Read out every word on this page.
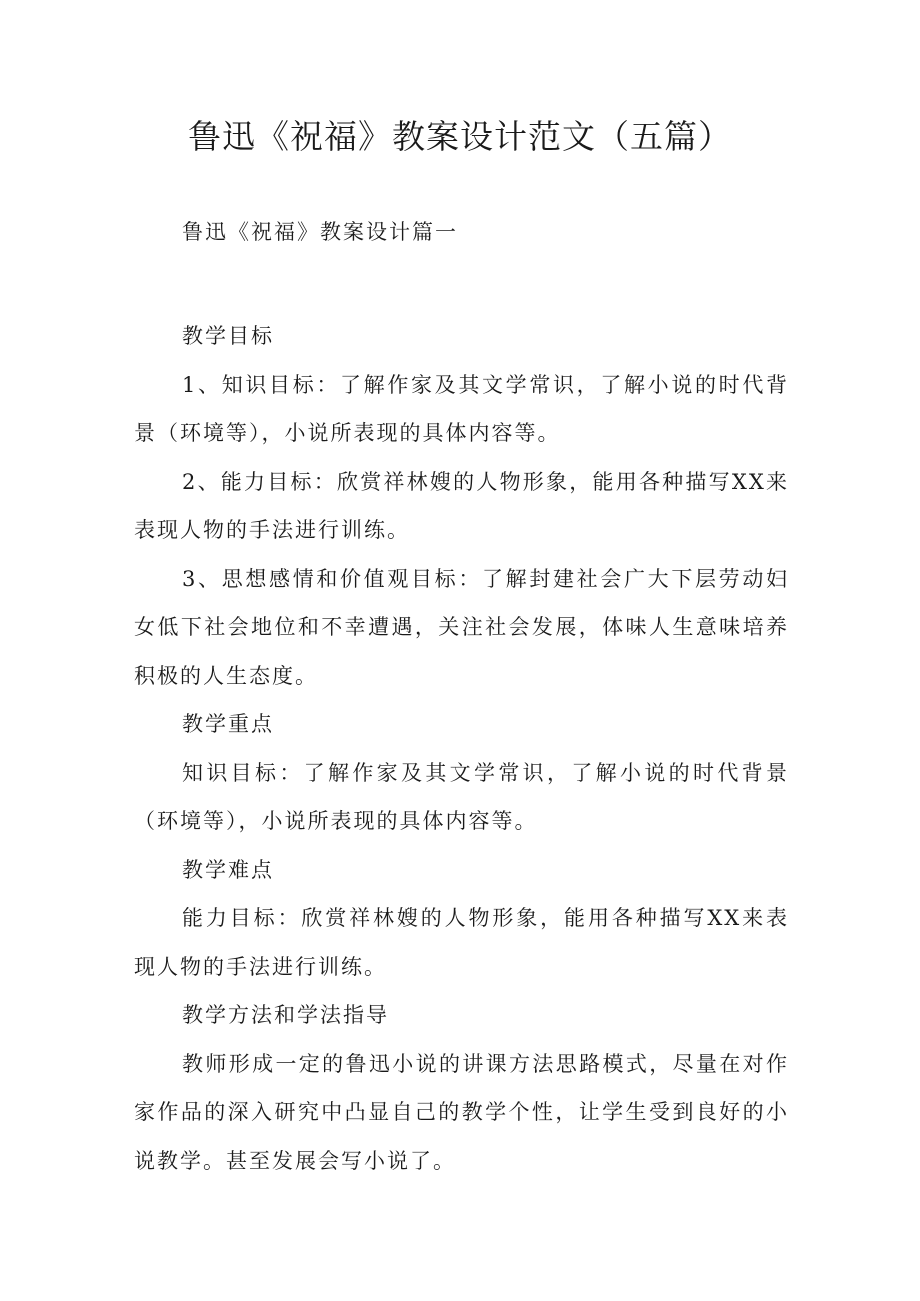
鲁迅《祝福》教案设计范文（五篇）

鲁迅《祝福》教案设计篇一

教学目标

1、知识目标：了解作家及其文学常识，了解小说的时代背景（环境等），小说所表现的具体内容等。

2、能力目标：欣赏祥林嫂的人物形象，能用各种描写XX来表现人物的手法进行训练。

3、思想感情和价值观目标：了解封建社会广大下层劳动妇女低下社会地位和不幸遭遇，关注社会发展，体味人生意味培养积极的人生态度。

教学重点

知识目标：了解作家及其文学常识，了解小说的时代背景（环境等），小说所表现的具体内容等。

教学难点

能力目标：欣赏祥林嫂的人物形象，能用各种描写XX来表现人物的手法进行训练。

教学方法和学法指导

教师形成一定的鲁迅小说的讲课方法思路模式，尽量在对作家作品的深入研究中凸显自己的教学个性，让学生受到良好的小说教学。甚至发展会写小说了。
